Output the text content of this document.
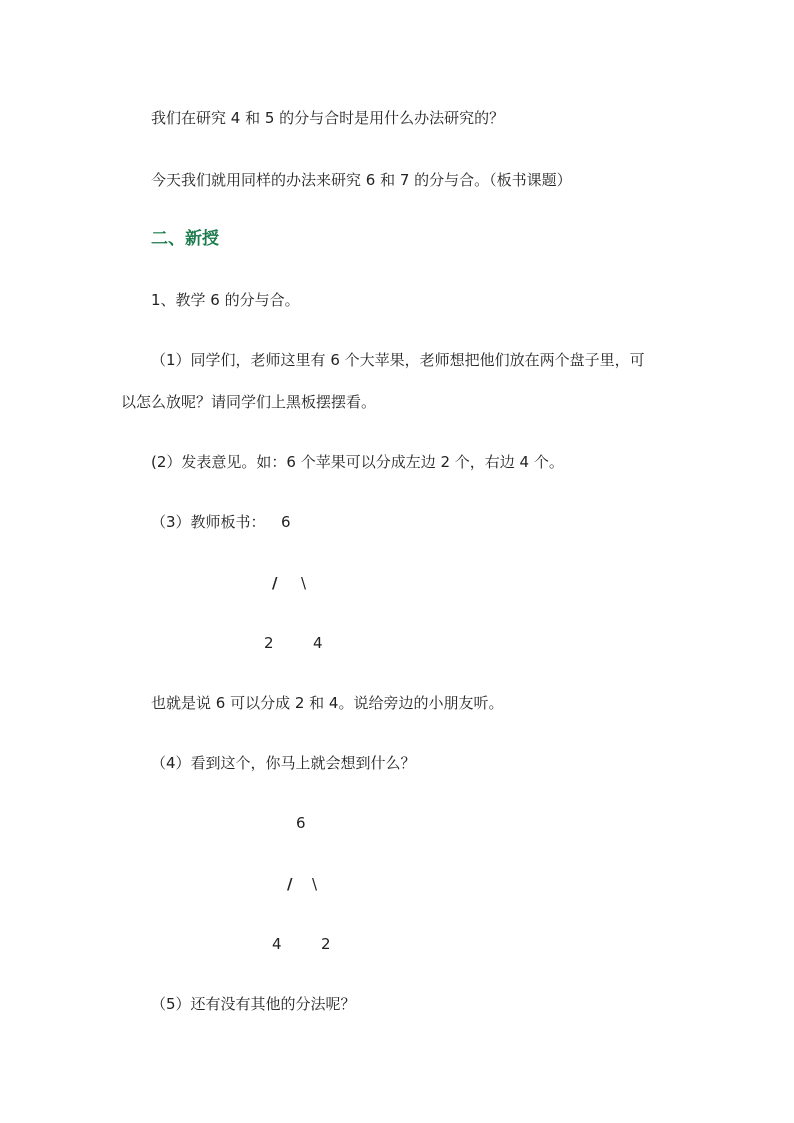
我们在研究 4 和 5 的分与合时是用什么办法研究的？
今天我们就用同样的办法来研究 6 和 7 的分与合。（板书课题）
二、新授
1、教学 6 的分与合。
（1）同学们，老师这里有 6 个大苹果，老师想把他们放在两个盘子里，可
以怎么放呢？请同学们上黑板摆摆看。
(2）发表意见。如：6 个苹果可以分成左边 2 个，右边 4 个。
（3）教师板书： 6
/ \
2	4
也就是说 6 可以分成 2 和 4。说给旁边的小朋友听。
（4）看到这个，你马上就会想到什么？
6
/ \
4	2
（5）还有没有其他的分法呢？
